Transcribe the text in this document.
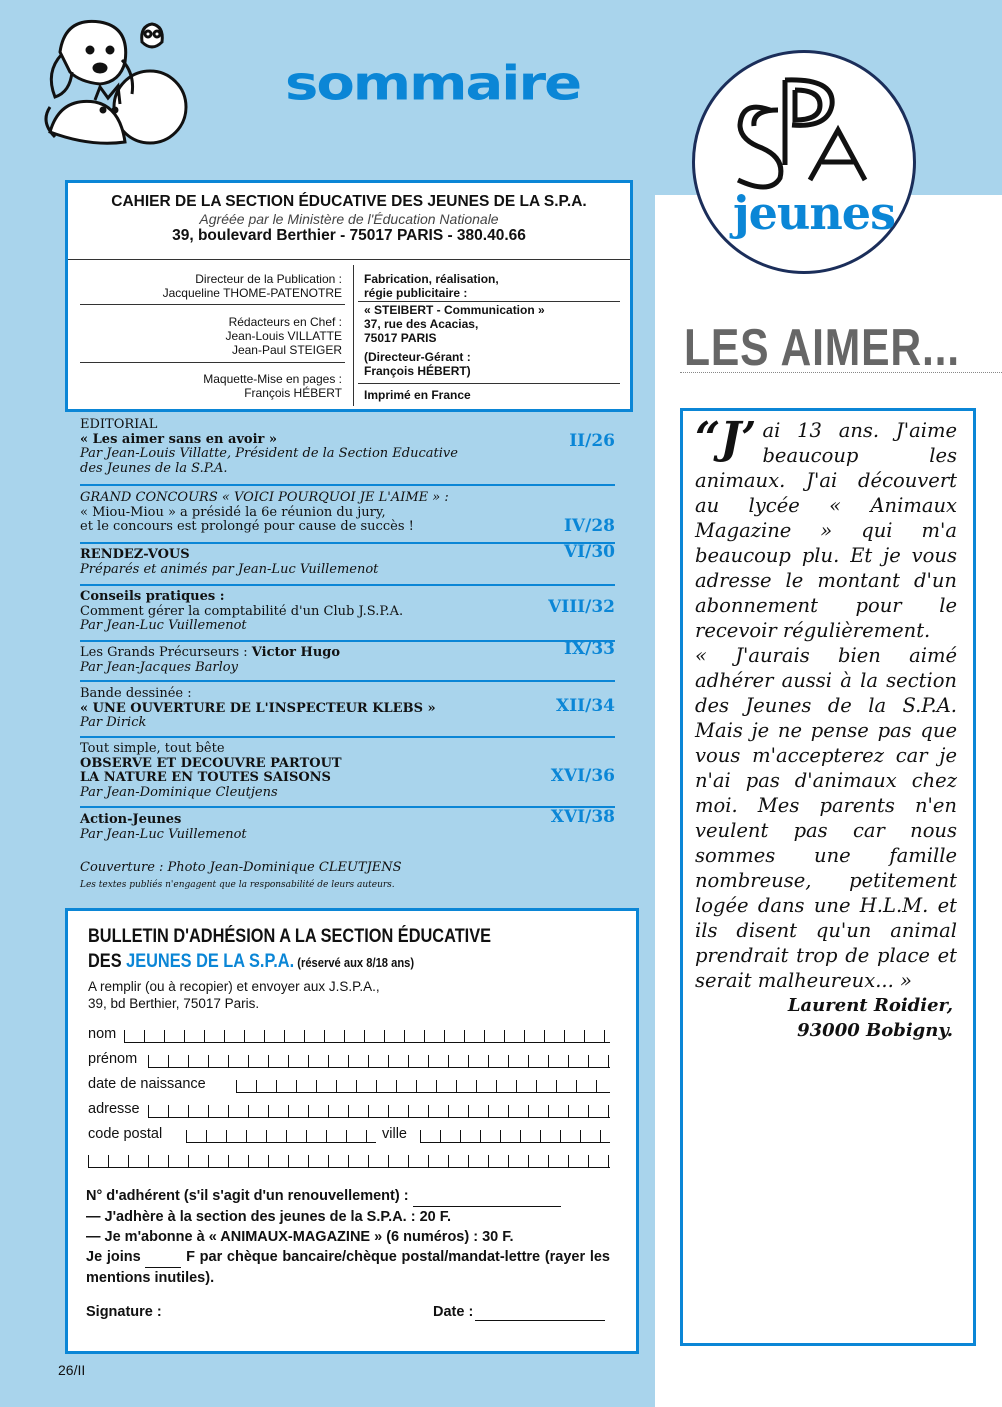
sommaire
jeunes
LES AIMER...
“J’ ai 13 ans. J'aime beaucoup les animaux. J'ai découvert au lycée « Animaux Magazine » qui m'a beaucoup plu. Et je vous adresse le montant d'un abonnement pour le recevoir régulièrement.
« J'aurais bien aimé adhérer aussi à la section des Jeunes de la S.P.A. Mais je ne pense pas que vous m'accepterez car je n'ai pas d'animaux chez moi. Mes parents n'en veulent pas car nous sommes une famille nombreuse, petitement logée dans une H.L.M. et ils disent qu'un animal prendrait trop de place et serait malheureux... »
Laurent Roidier,
93000 Bobigny.
CAHIER DE LA SECTION ÉDUCATIVE DES JEUNES DE LA S.P.A.
Agréée par le Ministère de l'Éducation Nationale
39, boulevard Berthier - 75017 PARIS - 380.40.66
Directeur de la Publication :
Jacqueline THOME-PATENOTRE
Rédacteurs en Chef :
Jean-Louis VILLATTE
Jean-Paul STEIGER
Maquette-Mise en pages :
François HÉBERT
Fabrication, réalisation,
régie publicitaire :
« STEIBERT - Communication »
37, rue des Acacias,
75017 PARIS
(Directeur-Gérant :
François HÉBERT)
Imprimé en France
EDITORIAL
« Les aimer sans en avoir »
Par Jean-Louis Villatte, Président de la Section Educative
des Jeunes de la S.P.A.
II/26
GRAND CONCOURS « VOICI POURQUOI JE L'AIME » :
« Miou-Miou » a présidé la 6e réunion du jury,
et le concours est prolongé pour cause de succès !	IV/28
RENDEZ-VOUS
Préparés et animés par Jean-Luc Vuillemenot
VI/30
Conseils pratiques :
Comment gérer la comptabilité d'un Club J.S.P.A.
Par Jean-Luc Vuillemenot
VIII/32
Les Grands Précurseurs : Victor Hugo
Par Jean-Jacques Barloy
IX/33
Bande dessinée :
« UNE OUVERTURE DE L'INSPECTEUR KLEBS »
Par Dirick
XII/34
Tout simple, tout bête
OBSERVE ET DECOUVRE PARTOUT
LA NATURE EN TOUTES SAISONS
Par Jean-Dominique Cleutjens
XVI/36
Action-Jeunes
Par Jean-Luc Vuillemenot
XVI/38
Couverture : Photo Jean-Dominique CLEUTJENS
Les textes publiés n'engagent que la responsabilité de leurs auteurs.
BULLETIN D'ADHÉSION A LA SECTION ÉDUCATIVE
DES JEUNES DE LA S.P.A. (réservé aux 8/18 ans)
A remplir (ou à recopier) et envoyer aux J.S.P.A., 39, bd Berthier, 75017 Paris.
nom
prénom
date de naissance
adresse
code postal	ville
N° d'adhérent (s'il s'agit d'un renouvellement) :
— J'adhère à la section des jeunes de la S.P.A. : 20 F.
— Je m'abonne à « ANIMAUX-MAGAZINE » (6 numéros) : 30 F.
Je joins   F par chèque bancaire/chèque postal/mandat-lettre (rayer les mentions inutiles).
Signature :	Date :
26/II
